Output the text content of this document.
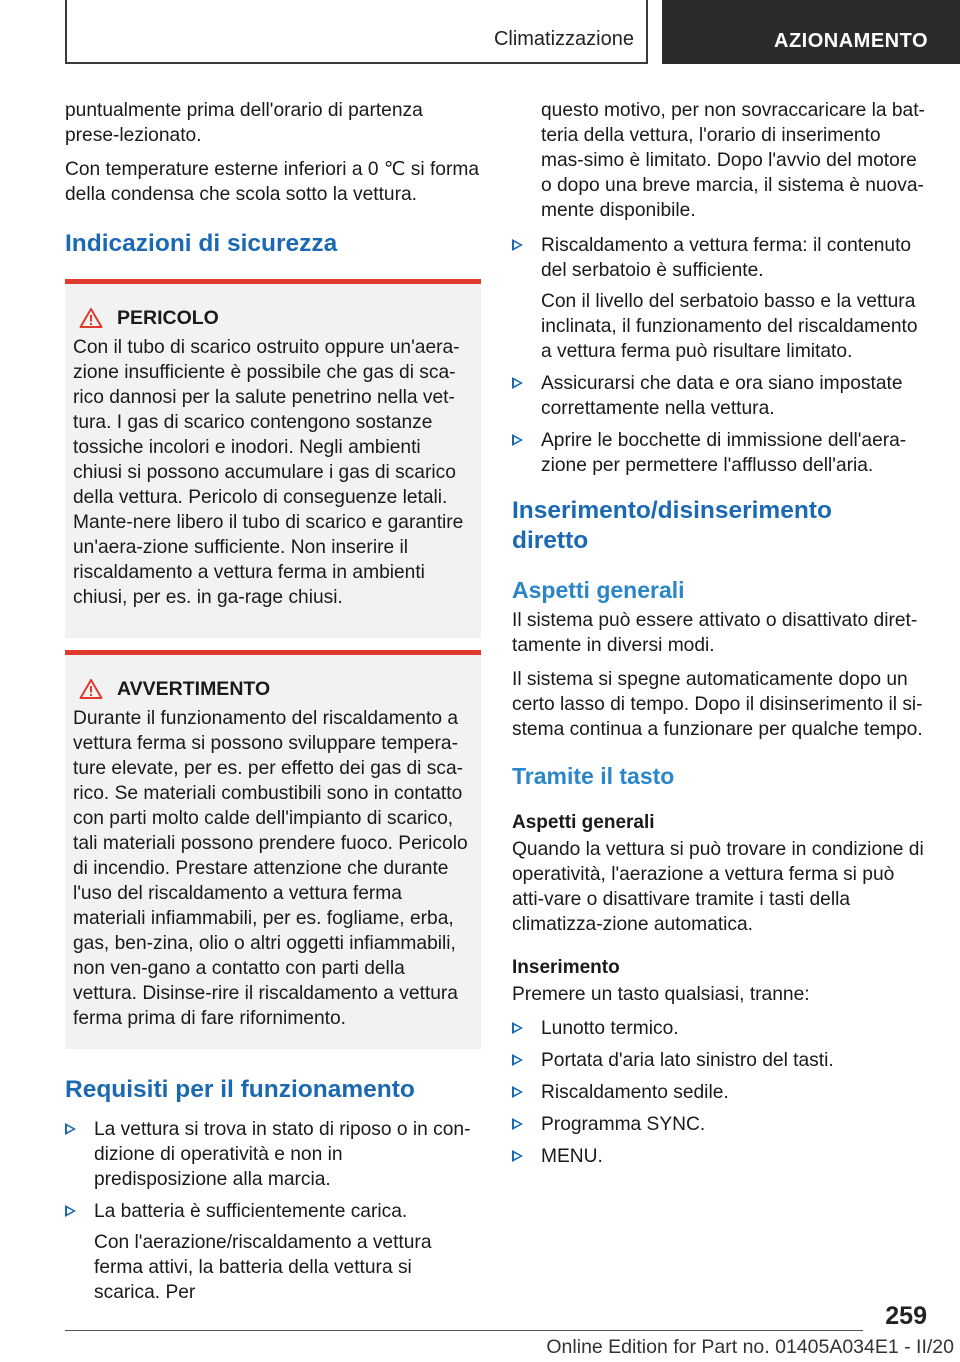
Climatizzazione	AZIONAMENTO

puntualmente prima dell'orario di partenza prese-lezionato.

Con temperature esterne inferiori a 0 ℃ si forma della condensa che scola sotto la vettura.

Indicazioni di sicurezza
PERICOLO

Con il tubo di scarico ostruito oppure un'aera-zione insufficiente è possibile che gas di sca-rico dannosi per la salute penetrino nella vet-tura. I gas di scarico contengono sostanze tossiche incolori e inodori. Negli ambienti chiusi si possono accumulare i gas di scarico della vettura. Pericolo di conseguenze letali. Mante-nere libero il tubo di scarico e garantire un'aera-zione sufficiente. Non inserire il riscaldamento a vettura ferma in ambienti chiusi, per es. in ga-rage chiusi.

AVVERTIMENTO

Durante il funzionamento del riscaldamento a vettura ferma si possono sviluppare tempera-ture elevate, per es. per effetto dei gas di sca-rico. Se materiali combustibili sono in contatto con parti molto calde dell'impianto di scarico, tali materiali possono prendere fuoco. Pericolo di incendio. Prestare attenzione che durante l'uso del riscaldamento a vettura ferma materiali infiammabili, per es. fogliame, erba, gas, ben-zina, olio o altri oggetti infiammabili, non ven-gano a contatto con parti della vettura. Disinse-rire il riscaldamento a vettura ferma prima di fare rifornimento.

Requisiti per il funzionamento

La vettura si trova in stato di riposo o in con-dizione di operatività e non in predisposizione alla marcia.

La batteria è sufficientemente carica.

Con l'aerazione/riscaldamento a vettura ferma attivi, la batteria della vettura si scarica. Per

questo motivo, per non sovraccaricare la bat-teria della vettura, l'orario di inserimento mas-simo è limitato. Dopo l'avvio del motore o dopo una breve marcia, il sistema è nuova-mente disponibile.

Riscaldamento a vettura ferma: il contenuto del serbatoio è sufficiente.

Con il livello del serbatoio basso e la vettura inclinata, il funzionamento del riscaldamento a vettura ferma può risultare limitato.

Assicurarsi che data e ora siano impostate correttamente nella vettura.

Aprire le bocchette di immissione dell'aera-zione per permettere l'afflusso dell'aria.

Inserimento/disinserimento diretto
Aspetti generali

Il sistema può essere attivato o disattivato diret-tamente in diversi modi.

Il sistema si spegne automaticamente dopo un certo lasso di tempo. Dopo il disinserimento il si-stema continua a funzionare per qualche tempo.

Tramite il tasto
Aspetti generali

Quando la vettura si può trovare in condizione di operatività, l'aerazione a vettura ferma si può atti-vare o disattivare tramite i tasti della climatizza-zione automatica.

Inserimento

Premere un tasto qualsiasi, tranne:

Lunotto termico.

Portata d'aria lato sinistro del tasti.

Riscaldamento sedile.

Programma SYNC.

MENU.

259
Online Edition for Part no. 01405A034E1 - II/20
